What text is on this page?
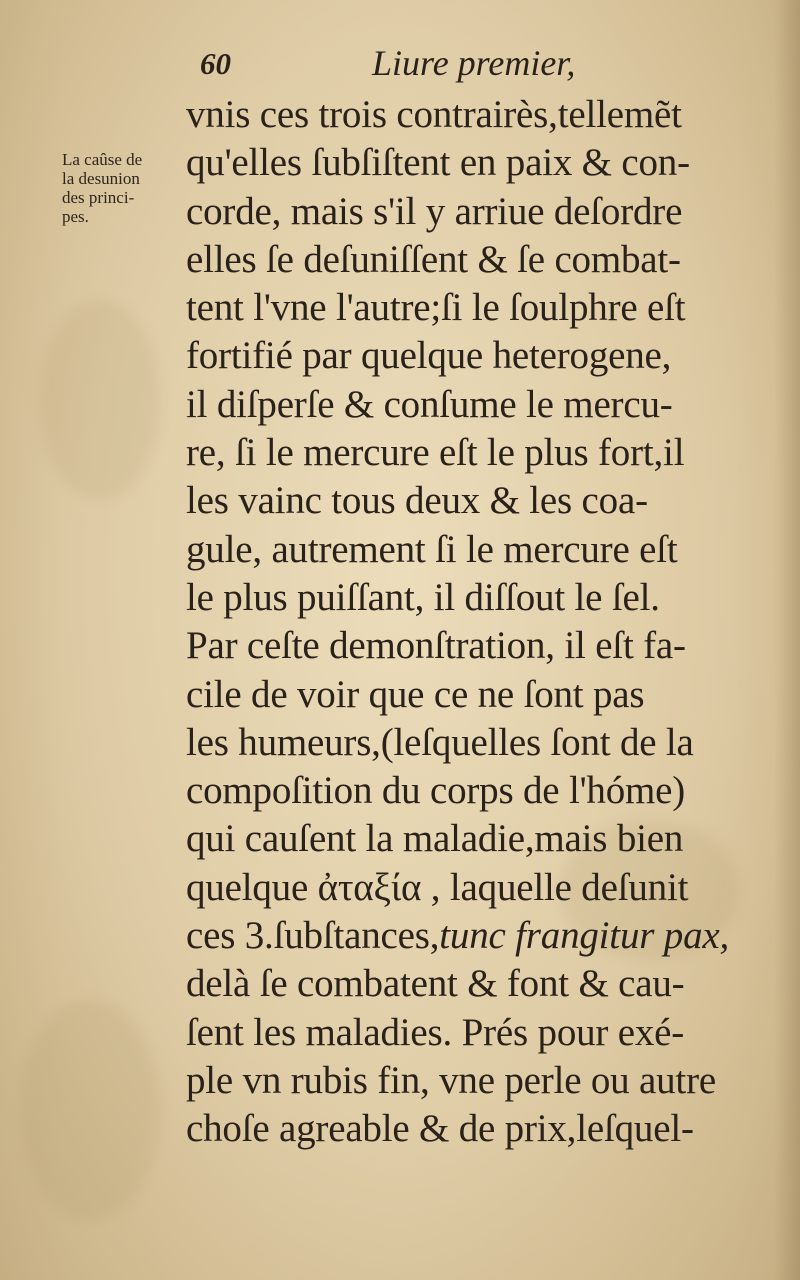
60	Liure premier,
La caûse de
la desunion
des princi-
pes.
vnis ces trois contrairès,tellemẽt
qu'elles ſubſiſtent en paix & con-
corde, mais s'il y arriue deſordre
elles ſe deſuniſſent & ſe combat-
tent l'vne l'autre;ſi le ſoulphre eſt
fortifié par quelque heterogene,
il diſperſe & conſume le mercu-
re, ſi le mercure eſt le plus fort,il
les vainc tous deux & les coa-
gule, autrement ſi le mercure eſt
le plus puiſſant, il diſſout le ſel.
Par ceſte demonſtration, il eſt fa-
cile de voir que ce ne ſont pas
les humeurs,(leſquelles ſont de la
compoſition du corps de l'hóme)
qui cauſent la maladie,mais bien
quelque ἀταξία , laquelle deſunit
ces 3.ſubſtances,tunc frangitur pax,
delà ſe combatent & font & cau-
ſent les maladies. Prés pour exé-
ple vn rubis fin, vne perle ou autre
choſe agreable & de prix,leſquel-
